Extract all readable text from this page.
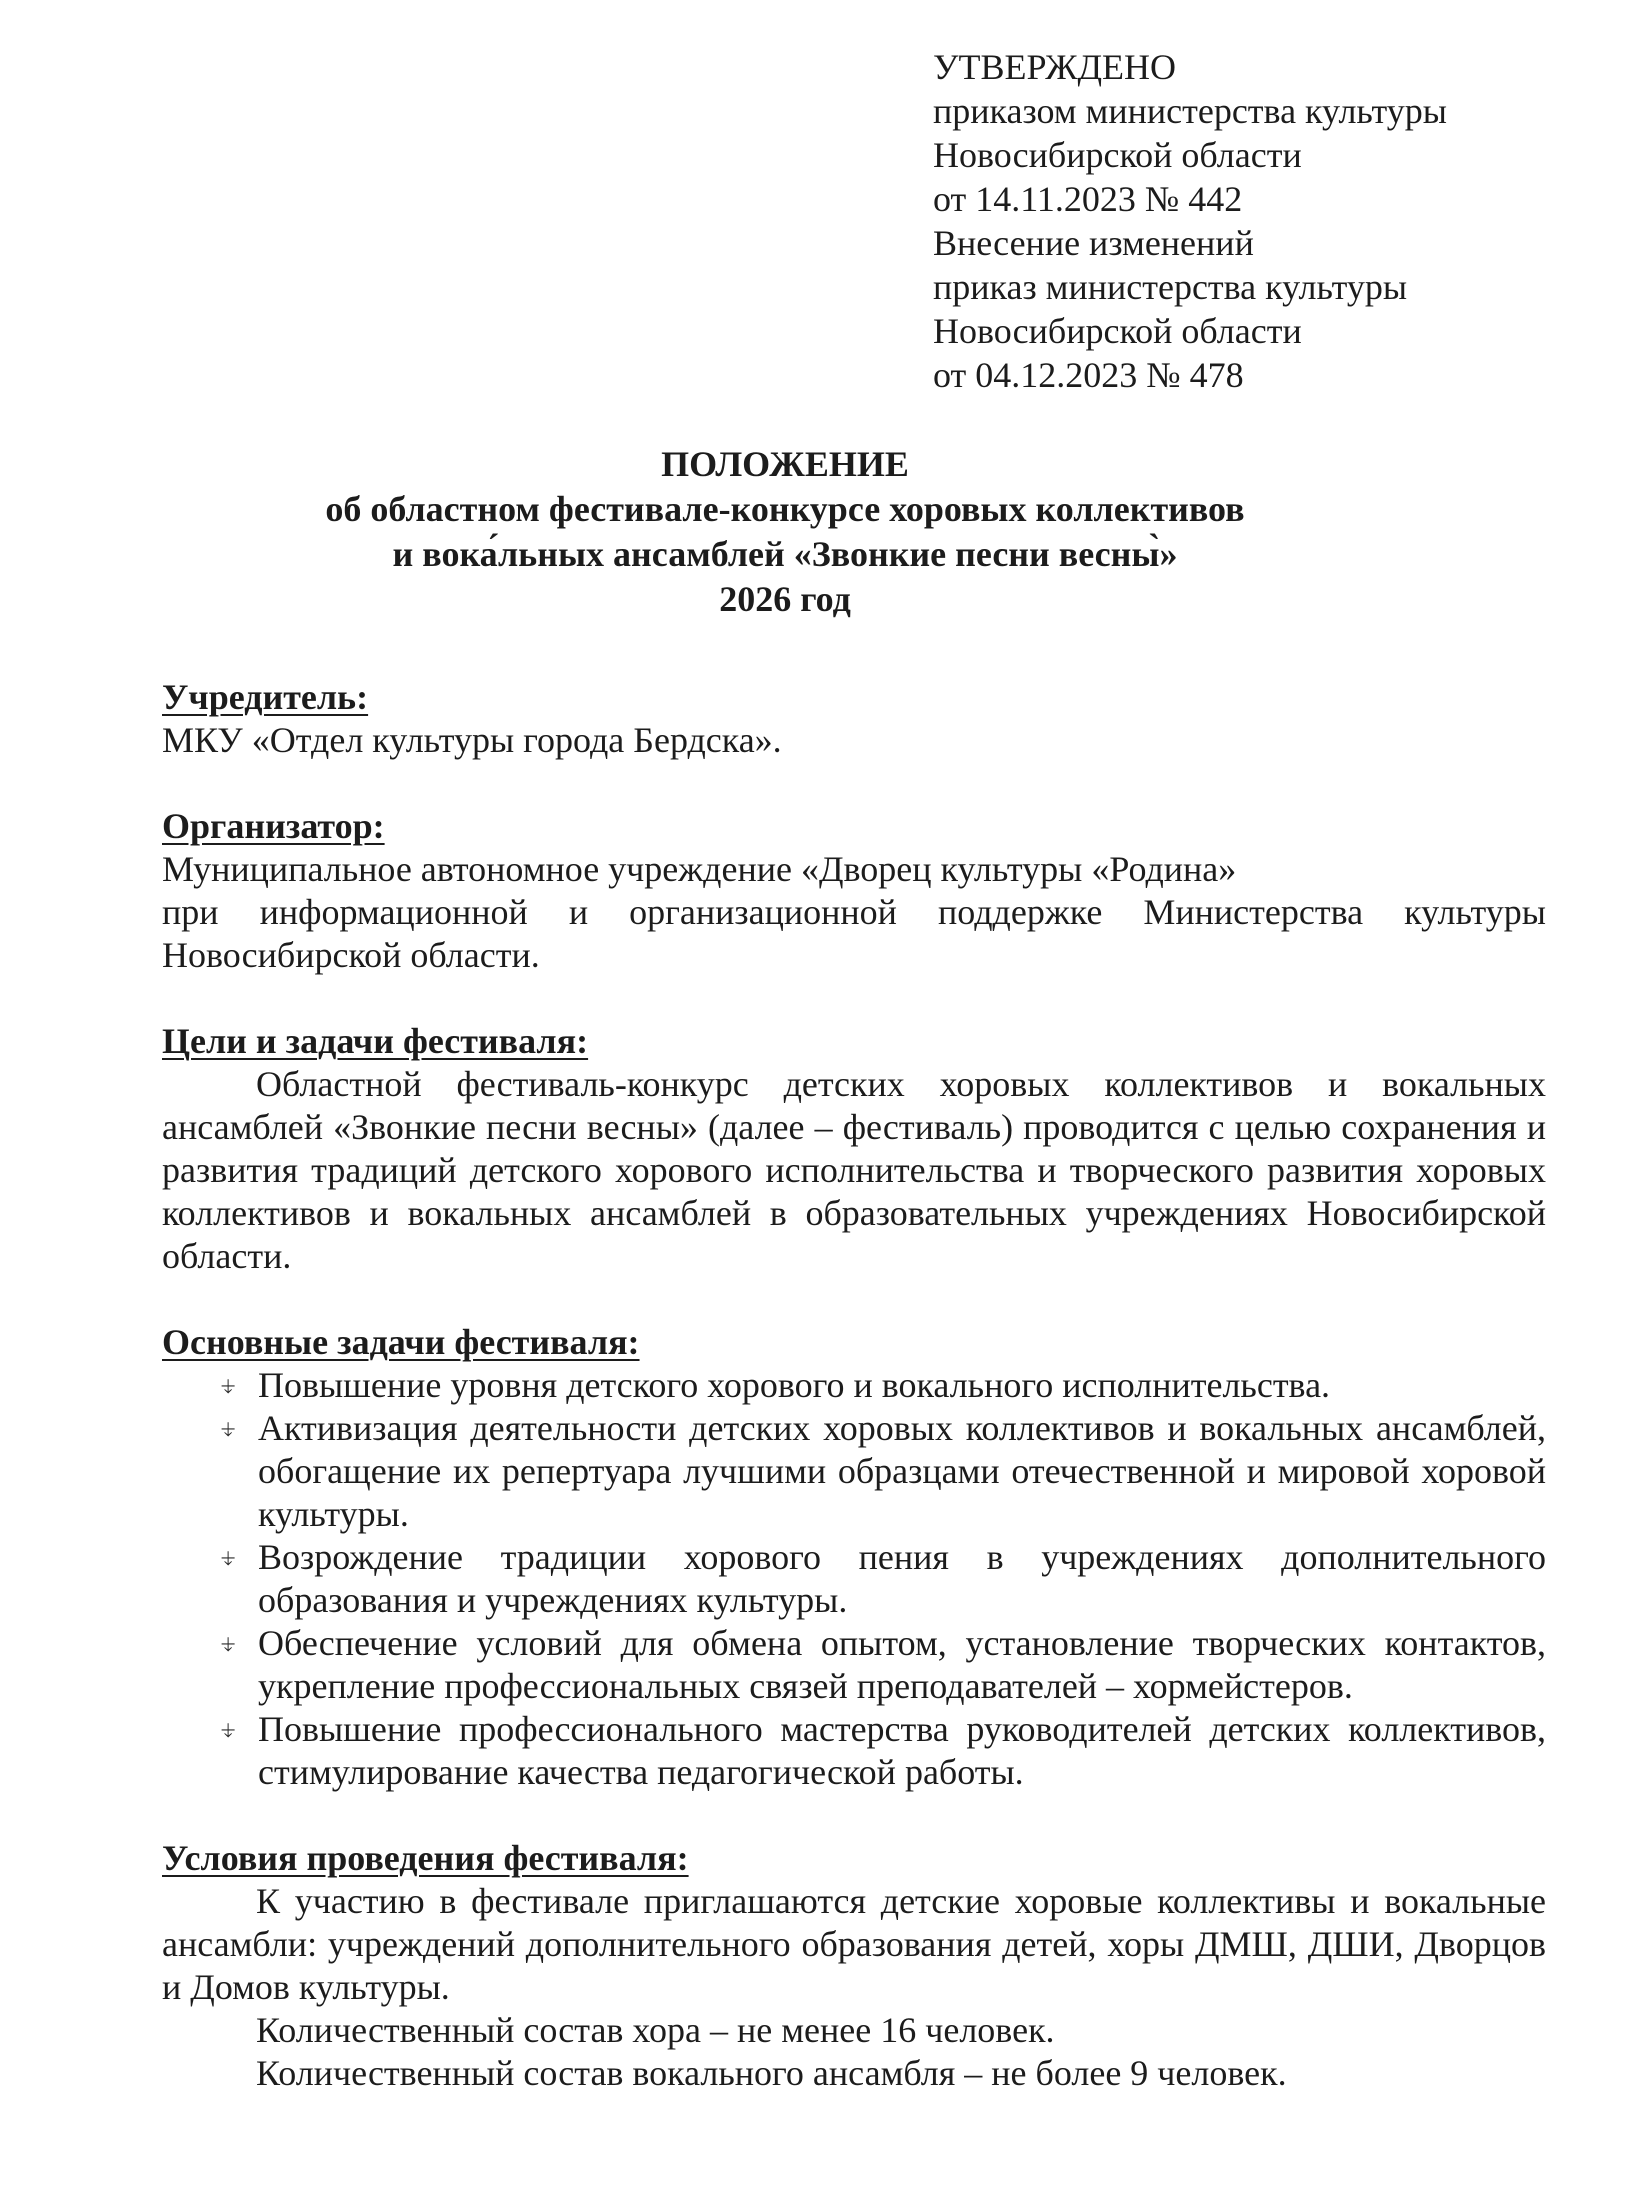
УТВЕРЖДЕНО
приказом министерства культуры
Новосибирской области
от 14.11.2023 № 442
Внесение изменений
приказ министерства культуры
Новосибирской области
от 04.12.2023 № 478
ПОЛОЖЕНИЕ
об областном фестивале-конкурсе хоровых коллективов
и вока́льных ансамблей «Звонкие песни весны̀»
2026 год
Учредитель:
МКУ «Отдел культуры города Бердска».
Организатор:
Муниципальное автономное учреждение «Дворец культуры «Родина»
при информационной и организационной поддержке Министерства культуры Новосибирской области.
Цели и задачи фестиваля:
Областной фестиваль-конкурс детских хоровых коллективов и вокальных ансамблей «Звонкие песни весны» (далее – фестиваль) проводится с целью сохранения и развития традиций детского хорового исполнительства и творческого развития хоровых коллективов и вокальных ансамблей в образовательных учреждениях Новосибирской области.
Основные задачи фестиваля:
⍖ Повышение уровня детского хорового и вокального исполнительства.
⍖ Активизация деятельности детских хоровых коллективов и вокальных ансамблей, обогащение их репертуара лучшими образцами отечественной и мировой хоровой культуры.
⍖ Возрождение традиции хорового пения в учреждениях дополнительного образования и учреждениях культуры.
⍖ Обеспечение условий для обмена опытом, установление творческих контактов, укрепление профессиональных связей преподавателей – хормейстеров.
⍖ Повышение профессионального мастерства руководителей детских коллективов, стимулирование качества педагогической работы.
Условия проведения фестиваля:
К участию в фестивале приглашаются детские хоровые коллективы и вокальные ансамбли: учреждений дополнительного образования детей, хоры ДМШ, ДШИ, Дворцов и Домов культуры.
Количественный состав хора – не менее 16 человек.
Количественный состав вокального ансамбля – не более 9 человек.
